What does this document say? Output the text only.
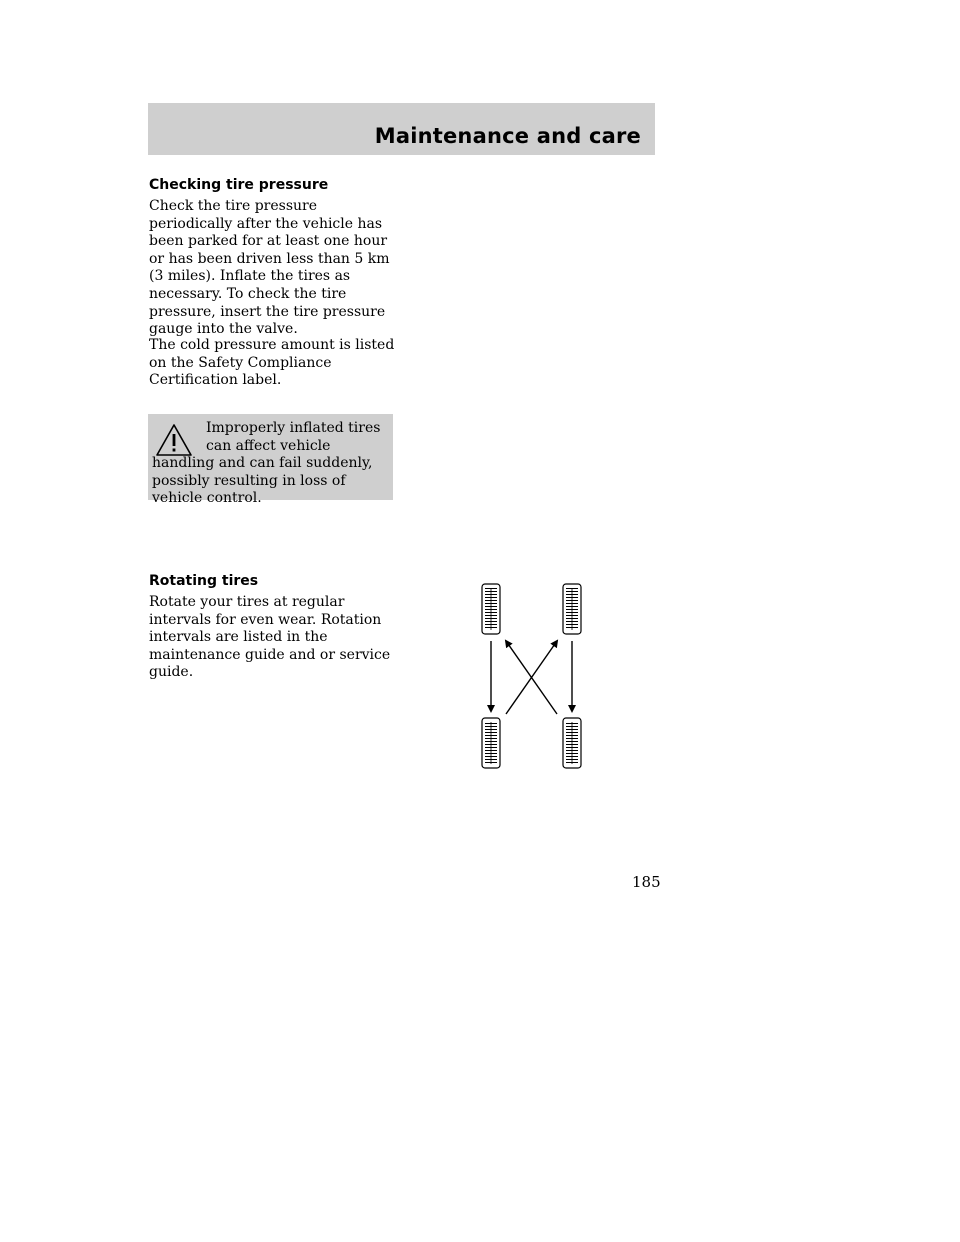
Maintenance and care
Checking tire pressure

Check the tire pressure periodically after the vehicle has been parked for at least one hour or has been driven less than 5 km (3 miles). Inflate the tires as necessary. To check the tire pressure, insert the tire pressure gauge into the valve.

The cold pressure amount is listed on the Safety Compliance Certification label.

Improperly inflated tires can affect vehicle handling and can fail suddenly, possibly resulting in loss of vehicle control.

Rotating tires

Rotate your tires at regular intervals for even wear. Rotation intervals are listed in the maintenance guide and or service guide.

185
